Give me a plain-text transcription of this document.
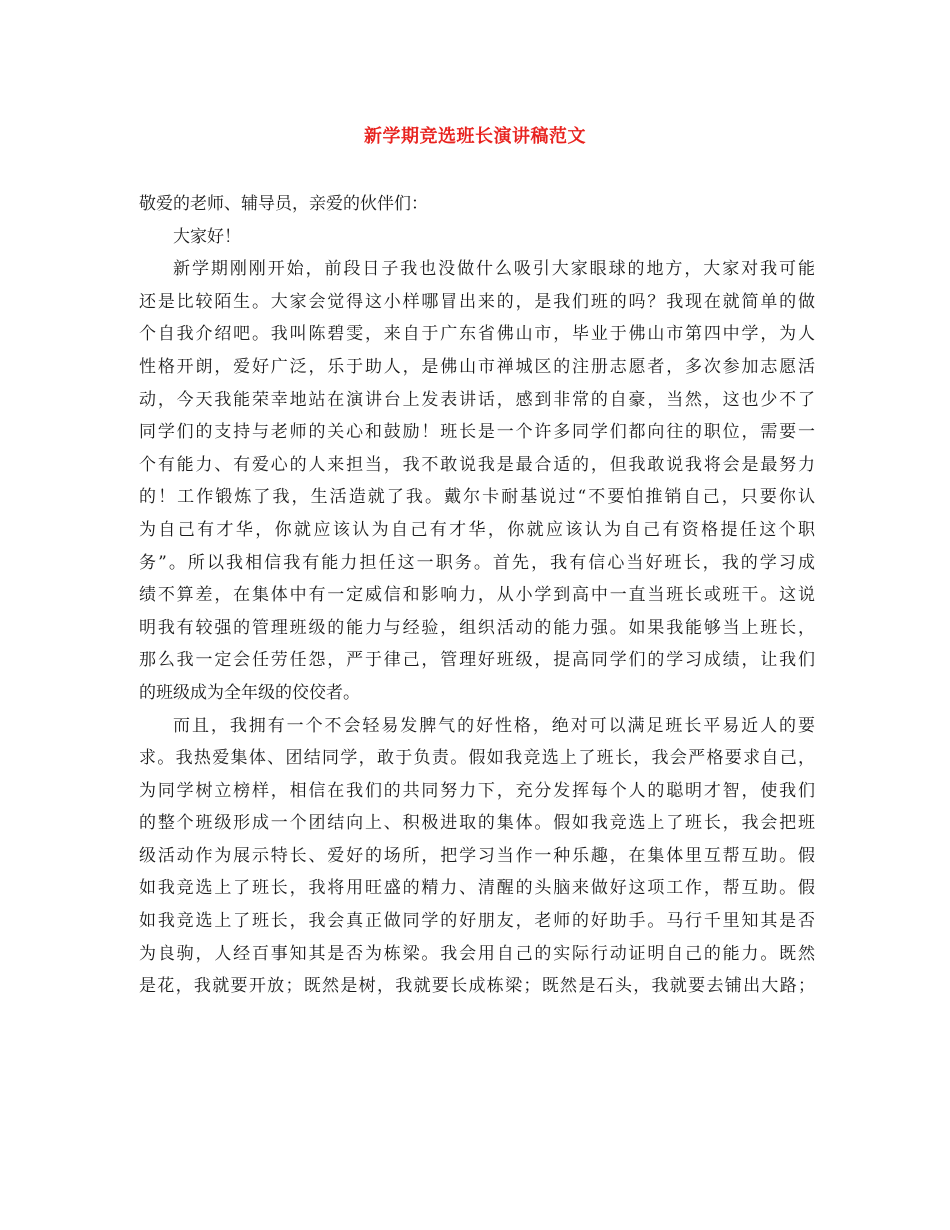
新学期竞选班长演讲稿范文

敬爱的老师、辅导员，亲爱的伙伴们：

大家好！

新学期刚刚开始，前段日子我也没做什么吸引大家眼球的地方，大家对我可能
还是比较陌生。大家会觉得这小样哪冒出来的，是我们班的吗？我现在就简单的做
个自我介绍吧。我叫陈碧雯，来自于广东省佛山市，毕业于佛山市第四中学，为人
性格开朗，爱好广泛，乐于助人，是佛山市禅城区的注册志愿者，多次参加志愿活
动，今天我能荣幸地站在演讲台上发表讲话，感到非常的自豪，当然，这也少不了
同学们的支持与老师的关心和鼓励！班长是一个许多同学们都向往的职位，需要一
个有能力、有爱心的人来担当，我不敢说我是最合适的，但我敢说我将会是最努力
的！工作锻炼了我，生活造就了我。戴尔卡耐基说过“不要怕推销自己，只要你认
为自己有才华，你就应该认为自己有才华，你就应该认为自己有资格提任这个职
务”。所以我相信我有能力担任这一职务。首先，我有信心当好班长，我的学习成
绩不算差，在集体中有一定威信和影响力，从小学到高中一直当班长或班干。这说
明我有较强的管理班级的能力与经验，组织活动的能力强。如果我能够当上班长，
那么我一定会任劳任怨，严于律己，管理好班级，提高同学们的学习成绩，让我们
的班级成为全年级的佼佼者。

而且，我拥有一个不会轻易发脾气的好性格，绝对可以满足班长平易近人的要
求。我热爱集体、团结同学，敢于负责。假如我竞选上了班长，我会严格要求自己，
为同学树立榜样，相信在我们的共同努力下，充分发挥每个人的聪明才智，使我们
的整个班级形成一个团结向上、积极进取的集体。假如我竞选上了班长，我会把班
级活动作为展示特长、爱好的场所，把学习当作一种乐趣，在集体里互帮互助。假
如我竞选上了班长，我将用旺盛的精力、清醒的头脑来做好这项工作，帮互助。假
如我竞选上了班长，我会真正做同学的好朋友，老师的好助手。马行千里知其是否
为良驹，人经百事知其是否为栋梁。我会用自己的实际行动证明自己的能力。既然
是花，我就要开放；既然是树，我就要长成栋梁；既然是石头，我就要去铺出大路；
